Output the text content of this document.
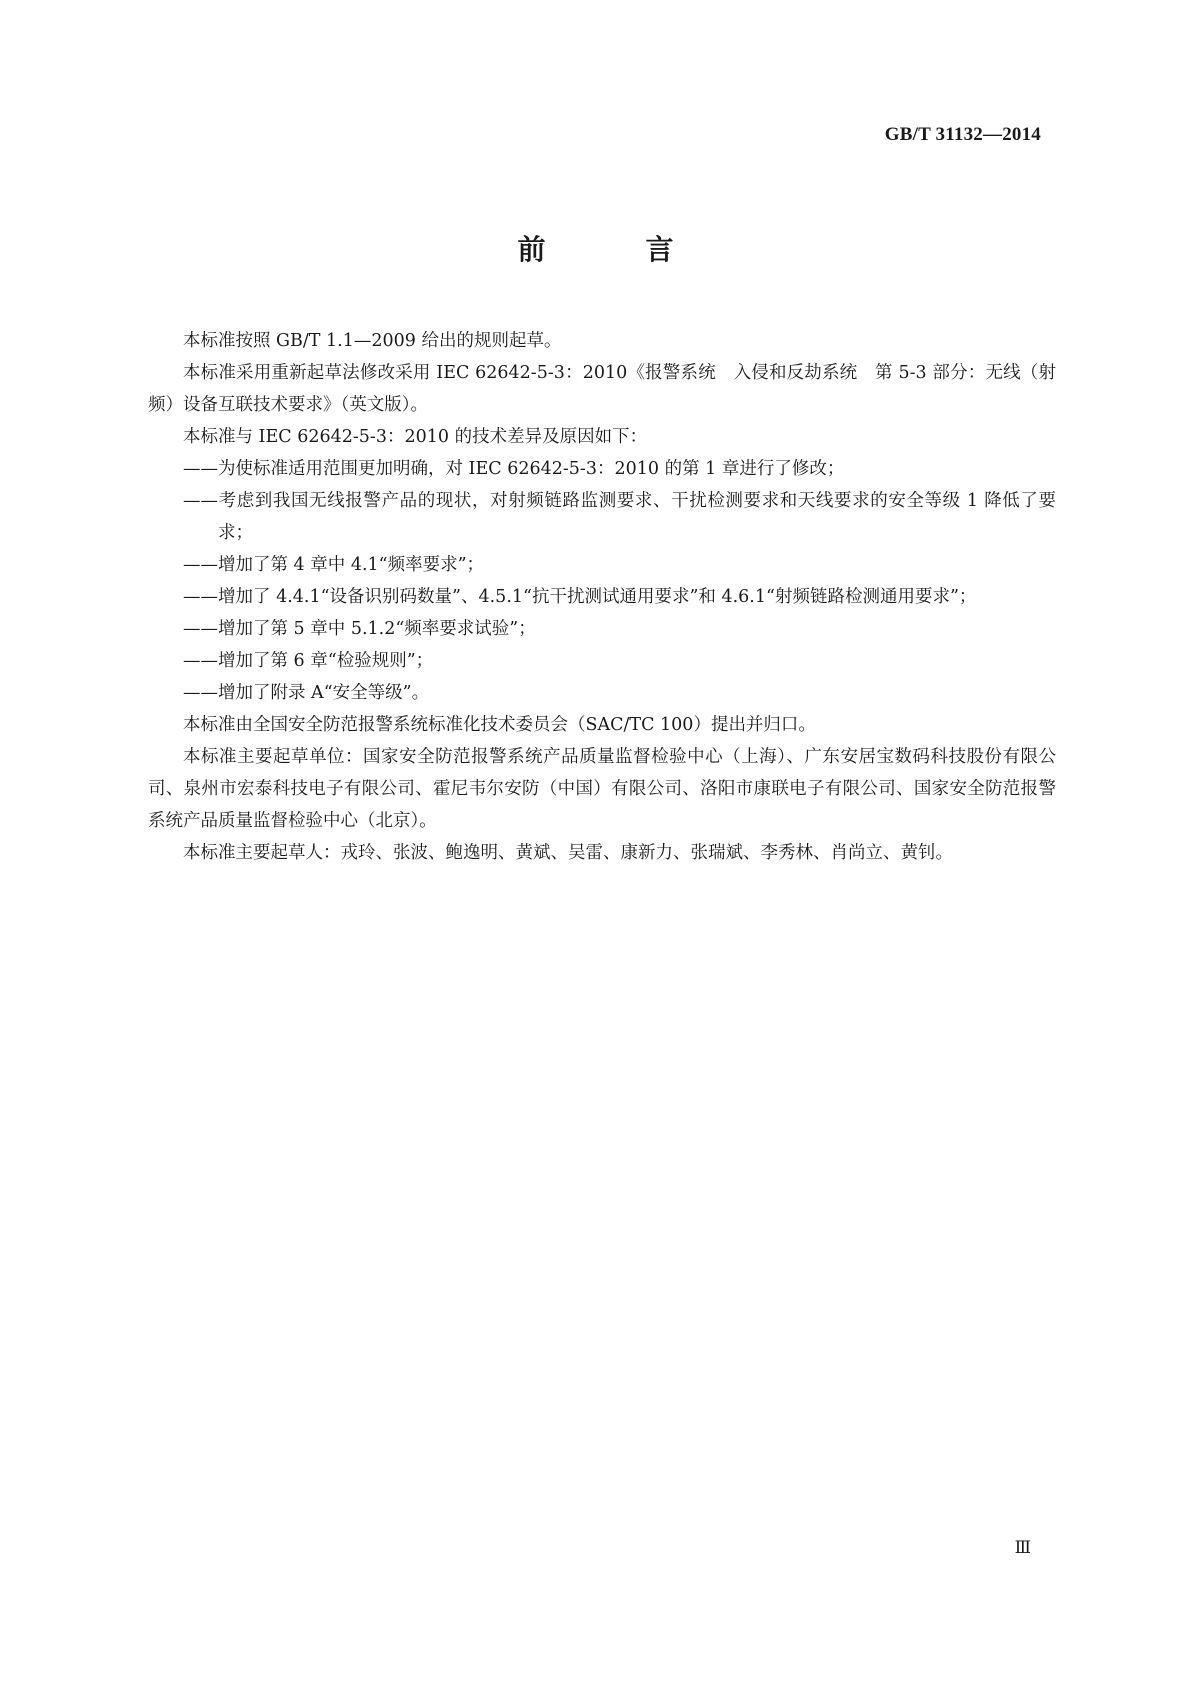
GB/T 31132—2014
前　言

本标准按照 GB/T 1.1—2009 给出的规则起草。

本标准采用重新起草法修改采用 IEC 62642-5-3：2010《报警系统　入侵和反劫系统　第 5-3 部分：无线（射频）设备互联技术要求》（英文版）。

本标准与 IEC 62642-5-3：2010 的技术差异及原因如下：

——为使标准适用范围更加明确，对 IEC 62642-5-3：2010 的第 1 章进行了修改；

——考虑到我国无线报警产品的现状，对射频链路监测要求、干扰检测要求和天线要求的安全等级 1 降低了要求；

——增加了第 4 章中 4.1“频率要求”；

——增加了 4.4.1“设备识别码数量”、4.5.1“抗干扰测试通用要求”和 4.6.1“射频链路检测通用要求”；

——增加了第 5 章中 5.1.2“频率要求试验”；

——增加了第 6 章“检验规则”；

——增加了附录 A“安全等级”。

本标准由全国安全防范报警系统标准化技术委员会（SAC/TC 100）提出并归口。

本标准主要起草单位：国家安全防范报警系统产品质量监督检验中心（上海）、广东安居宝数码科技股份有限公司、泉州市宏泰科技电子有限公司、霍尼韦尔安防（中国）有限公司、洛阳市康联电子有限公司、国家安全防范报警系统产品质量监督检验中心（北京）。

本标准主要起草人：戎玲、张波、鲍逸明、黄斌、吴雷、康新力、张瑞斌、李秀林、肖尚立、黄钊。

Ⅲ
